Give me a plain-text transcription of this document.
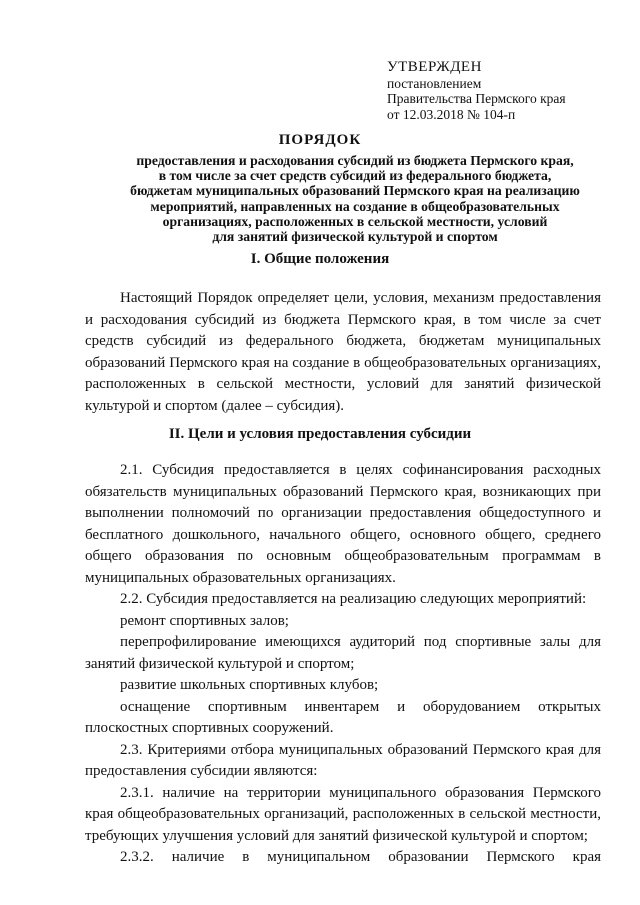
УТВЕРЖДЕН
постановлением
Правительства Пермского края
от 12.03.2018 № 104-п
ПОРЯДОК
предоставления и расходования субсидий из бюджета Пермского края,
в том числе за счет средств субсидий из федерального бюджета,
бюджетам муниципальных образований Пермского края на реализацию
мероприятий, направленных на создание в общеобразовательных
организациях, расположенных в сельской местности, условий
для занятий физической культурой и спортом
I. Общие положения

Настоящий Порядок определяет цели, условия, механизм предоставления и расходования субсидий из бюджета Пермского края, в том числе за счет средств субсидий из федерального бюджета, бюджетам муниципальных образований Пермского края на создание в общеобразовательных организациях, расположенных в сельской местности, условий для занятий физической культурой и спортом (далее – субсидия).

II. Цели и условия предоставления субсидии

2.1. Субсидия предоставляется в целях софинансирования расходных обязательств муниципальных образований Пермского края, возникающих при выполнении полномочий по организации предоставления общедоступного и бесплатного дошкольного, начального общего, основного общего, среднего общего образования по основным общеобразовательным программам в муниципальных образовательных организациях.

2.2. Субсидия предоставляется на реализацию следующих мероприятий:

ремонт спортивных залов;

перепрофилирование имеющихся аудиторий под спортивные залы для занятий физической культурой и спортом;

развитие школьных спортивных клубов;

оснащение спортивным инвентарем и оборудованием открытых плоскостных спортивных сооружений.

2.3. Критериями отбора муниципальных образований Пермского края для предоставления субсидии являются:

2.3.1. наличие на территории муниципального образования Пермского края общеобразовательных организаций, расположенных в сельской местности, требующих улучшения условий для занятий физической культурой и спортом;

2.3.2. наличие в муниципальном образовании Пермского края
